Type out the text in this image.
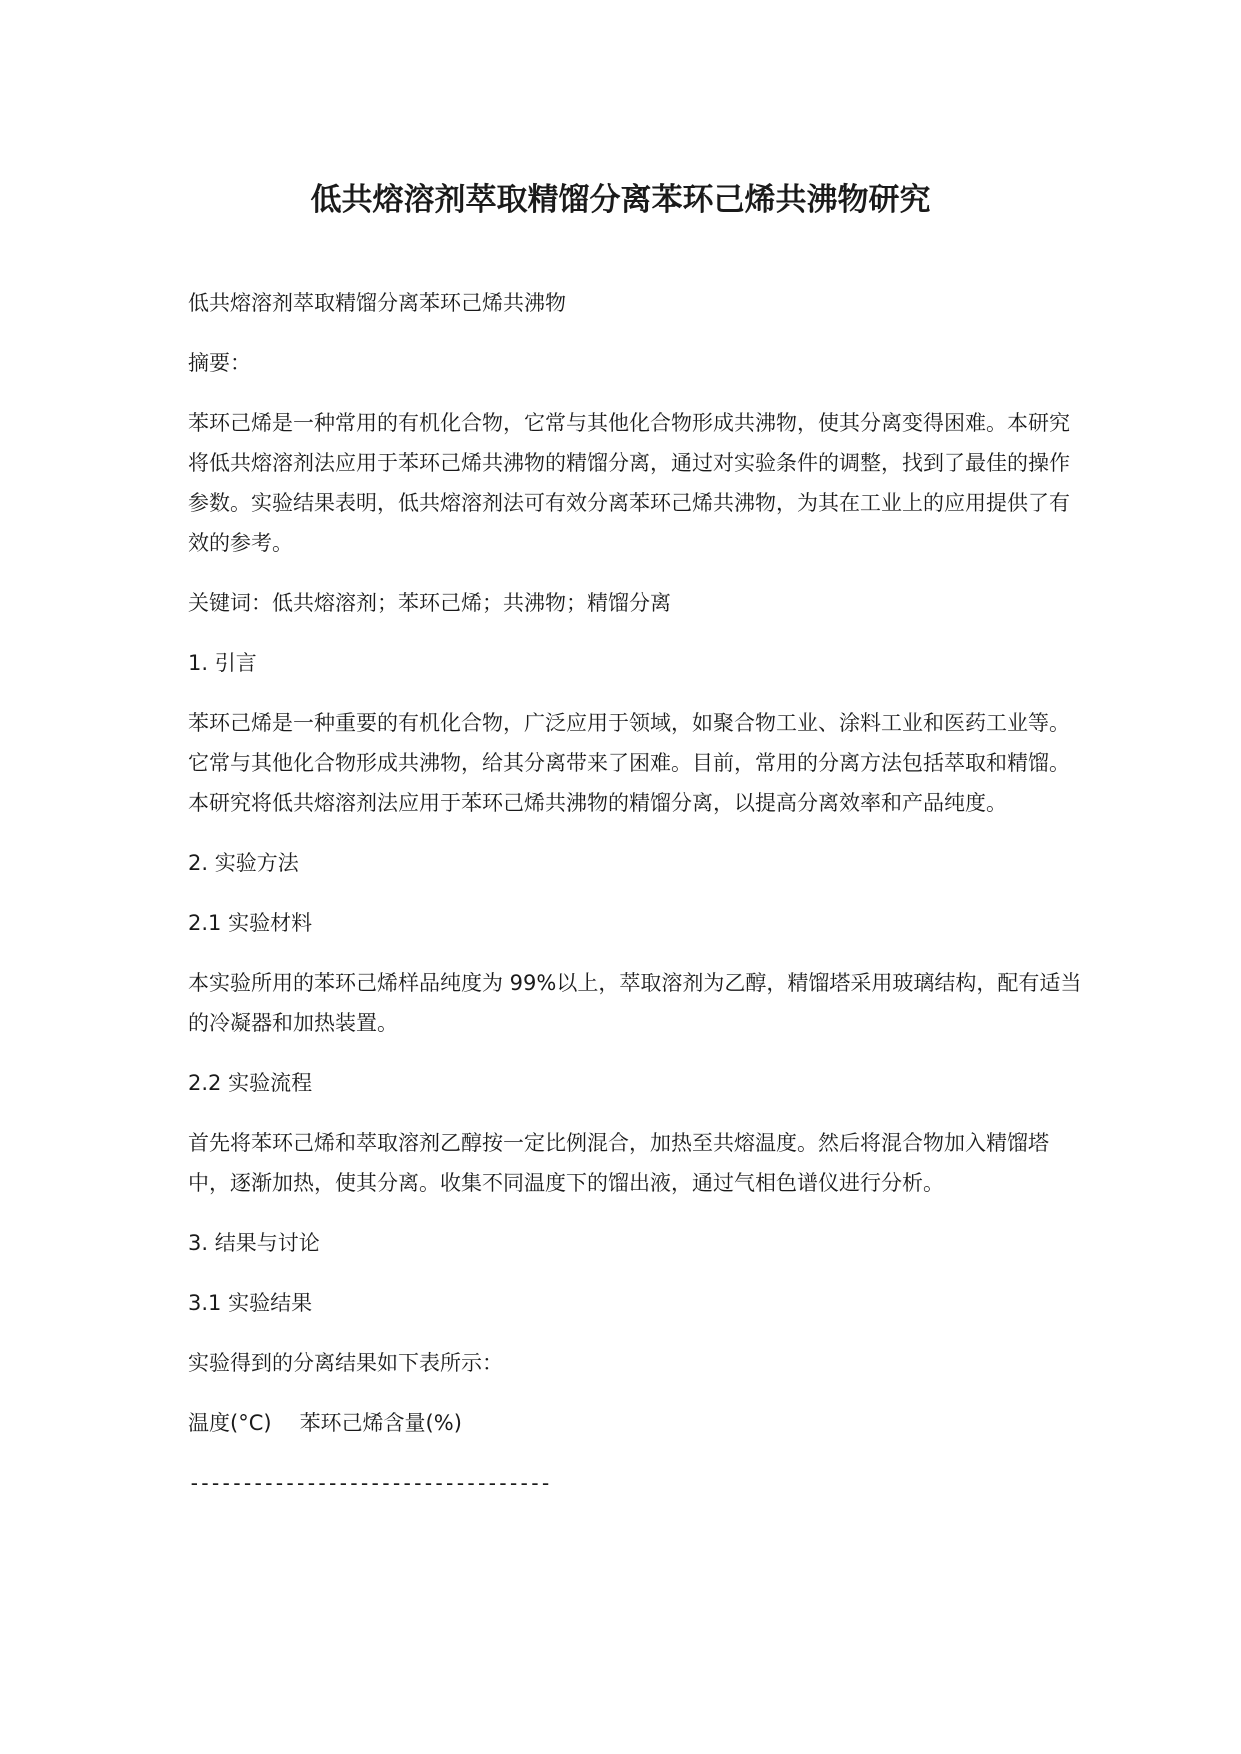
低共熔溶剂萃取精馏分离苯环己烯共沸物研究

低共熔溶剂萃取精馏分离苯环己烯共沸物

摘要：

苯环己烯是一种常用的有机化合物，它常与其他化合物形成共沸物，使其分离变得困难。本研究将低共熔溶剂法应用于苯环己烯共沸物的精馏分离，通过对实验条件的调整，找到了最佳的操作参数。实验结果表明，低共熔溶剂法可有效分离苯环己烯共沸物，为其在工业上的应用提供了有效的参考。

关键词：低共熔溶剂；苯环己烯；共沸物；精馏分离

1. 引言

苯环己烯是一种重要的有机化合物，广泛应用于领域，如聚合物工业、涂料工业和医药工业等。它常与其他化合物形成共沸物，给其分离带来了困难。目前，常用的分离方法包括萃取和精馏。本研究将低共熔溶剂法应用于苯环己烯共沸物的精馏分离，以提高分离效率和产品纯度。

2. 实验方法

2.1 实验材料

本实验所用的苯环己烯样品纯度为 99%以上，萃取溶剂为乙醇，精馏塔采用玻璃结构，配有适当的冷凝器和加热装置。

2.2 实验流程

首先将苯环己烯和萃取溶剂乙醇按一定比例混合，加热至共熔温度。然后将混合物加入精馏塔中，逐渐加热，使其分离。收集不同温度下的馏出液，通过气相色谱仪进行分析。

3. 结果与讨论

3.1 实验结果

实验得到的分离结果如下表所示：

温度(°C) 苯环己烯含量(%)
----------------------------------
